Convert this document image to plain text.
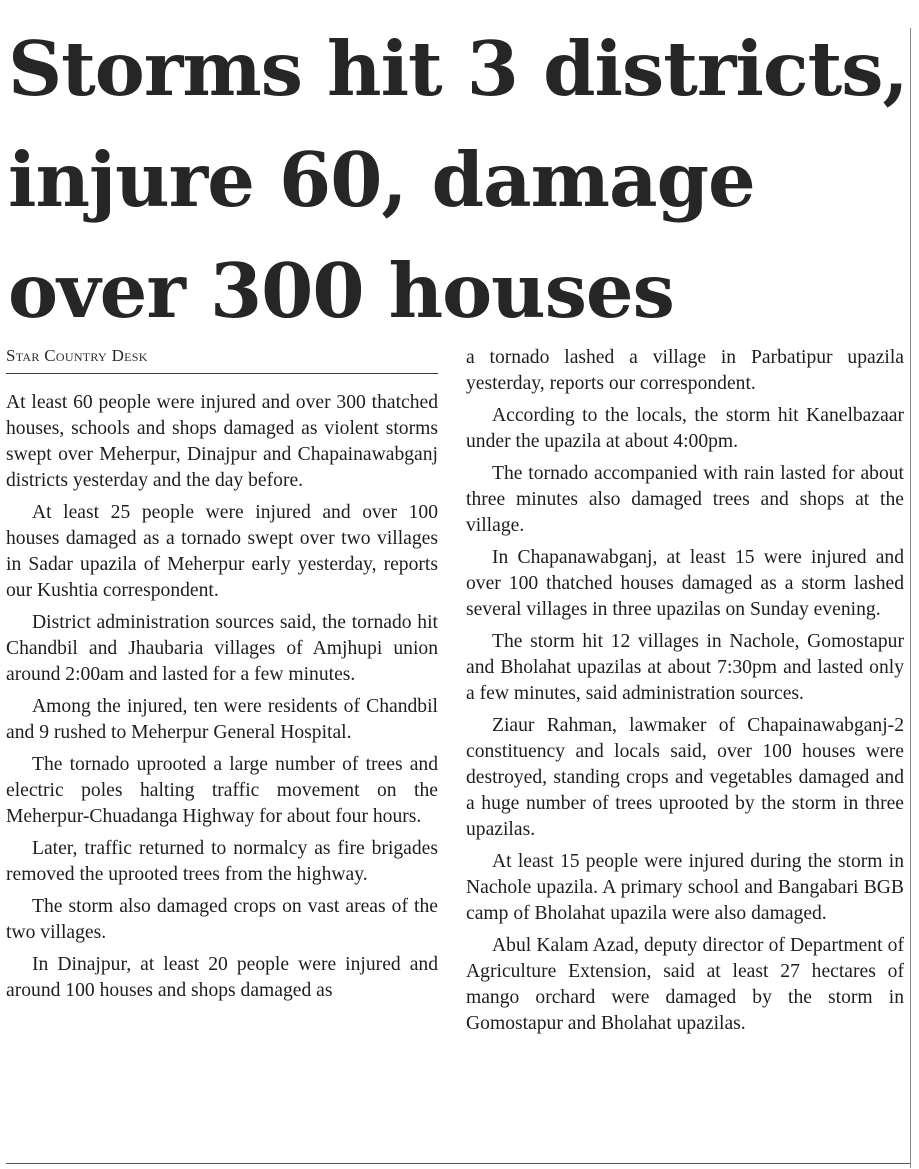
Storms hit 3 districts,
injure 60, damage
over 300 houses
Star Country Desk

At least 60 people were injured and over 300 thatched houses, schools and shops damaged as violent storms swept over Meherpur, Dinajpur and Chapainawabganj districts yesterday and the day before.

At least 25 people were injured and over 100 houses damaged as a tornado swept over two villages in Sadar upazila of Meherpur early yesterday, reports our Kushtia correspondent.

District administration sources said, the tornado hit Chandbil and Jhaubaria villages of Amjhupi union around 2:00am and lasted for a few minutes.

Among the injured, ten were residents of Chandbil and 9 rushed to Meherpur General Hospital.

The tornado uprooted a large number of trees and electric poles halting traffic movement on the Meherpur-Chuadanga Highway for about four hours.

Later, traffic returned to normalcy as fire brigades removed the uprooted trees from the highway.

The storm also damaged crops on vast areas of the two villages.

In Dinajpur, at least 20 people were injured and around 100 houses and shops damaged as

a tornado lashed a village in Parbatipur upazila yesterday, reports our correspondent.

According to the locals, the storm hit Kanelbazaar under the upazila at about 4:00pm.

The tornado accompanied with rain lasted for about three minutes also damaged trees and shops at the village.

In Chapanawabganj, at least 15 were injured and over 100 thatched houses damaged as a storm lashed several villages in three upazilas on Sunday evening.

The storm hit 12 villages in Nachole, Gomostapur and Bholahat upazilas at about 7:30pm and lasted only a few minutes, said administration sources.

Ziaur Rahman, lawmaker of Chapainawabganj-2 constituency and locals said, over 100 houses were destroyed, standing crops and vegetables damaged and a huge number of trees uprooted by the storm in three upazilas.

At least 15 people were injured during the storm in Nachole upazila. A primary school and Bangabari BGB camp of Bholahat upazila were also damaged.

Abul Kalam Azad, deputy director of Department of Agriculture Extension, said at least 27 hectares of mango orchard were damaged by the storm in Gomostapur and Bholahat upazilas.
